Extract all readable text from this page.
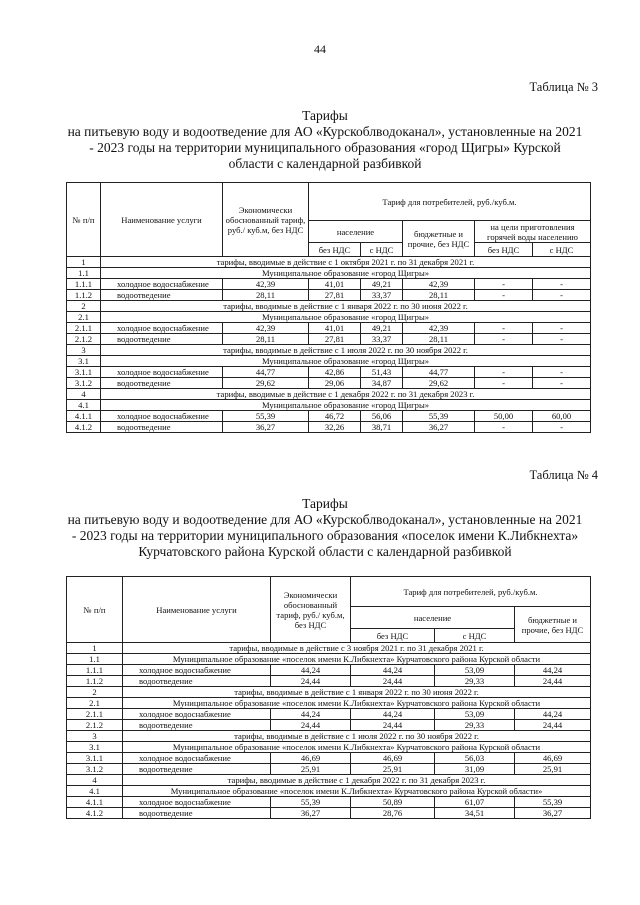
44
Таблица № 3
Тарифы
на питьевую воду и водоотведение для АО «Курскоблводоканал», установленные на 2021
- 2023 годы на территории муниципального образования «город Щигры» Курской
области с календарной разбивкой
№ п/п	Наименование услуги	Экономически обоснованный тариф, руб./ куб.м, без НДС	Тариф для потребителей, руб./куб.м.				
			население		бюджетные и прочие, без НДС	на цели приготовления горячей воды населению	
			без НДС	с НДС		без НДС	с НДС
1	тарифы, вводимые в действие с 1 октября 2021 г. по 31 декабря 2021 г.						
1.1	Муниципальное образование «город Щигры»						
1.1.1	холодное водоснабжение	42,39	41,01	49,21	42,39	-	-
1.1.2	водоотведение	28,11	27,81	33,37	28,11	-	-
2	тарифы, вводимые в действие с 1 января 2022 г. по 30 июня 2022 г.						
2.1	Муниципальное образование «город Щигры»						
2.1.1	холодное водоснабжение	42,39	41,01	49,21	42,39	-	-
2.1.2	водоотведение	28,11	27,81	33,37	28,11	-	-
3	тарифы, вводимые в действие с 1 июля 2022 г. по 30 ноября 2022 г.						
3.1	Муниципальное образование «город Щигры»						
3.1.1	холодное водоснабжение	44,77	42,86	51,43	44,77	-	-
3.1.2	водоотведение	29,62	29,06	34,87	29,62	-	-
4	тарифы, вводимые в действие с 1 декабря 2022 г. по 31 декабря 2023 г.						
4.1	Муниципальное образование «город Щигры»						
4.1.1	холодное водоснабжение	55,39	46,72	56,06	55,39	50,00	60,00
4.1.2	водоотведение	36,27	32,26	38,71	36,27	-	-
Таблица № 4
Тарифы
на питьевую воду и водоотведение для АО «Курскоблводоканал», установленные на 2021
- 2023 годы на территории муниципального образования «поселок имени К.Либкнехта»
Курчатовского района Курской области с календарной разбивкой
№ п/п	Наименование услуги	Экономически обоснованный тариф, руб./ куб.м, без НДС	Тариф для потребителей, руб./куб.м.		
			население		бюджетные и прочие, без НДС
			без НДС	с НДС	
1	тарифы, вводимые в действие с 3 ноября 2021 г. по 31 декабря 2021 г.				
1.1	Муниципальное образование «поселок имени К.Либкнехта» Курчатовского района Курской области				
1.1.1	холодное водоснабжение	44,24	44,24	53,09	44,24
1.1.2	водоотведение	24,44	24,44	29,33	24,44
2	тарифы, вводимые в действие с 1 января 2022 г. по 30 июня 2022 г.				
2.1	Муниципальное образование «поселок имени К.Либкнехта» Курчатовского района Курской области				
2.1.1	холодное водоснабжение	44,24	44,24	53,09	44,24
2.1.2	водоотведение	24,44	24,44	29,33	24,44
3	тарифы, вводимые в действие с 1 июля 2022 г. по 30 ноября 2022 г.				
3.1	Муниципальное образование «поселок имени К.Либкнехта» Курчатовского района Курской области				
3.1.1	холодное водоснабжение	46,69	46,69	56,03	46,69
3.1.2	водоотведение	25,91	25,91	31,09	25,91
4	тарифы, вводимые в действие с 1 декабря 2022 г. по 31 декабря 2023 г.				
4.1	Муниципальное образование «поселок имени К.Либкнехта» Курчатовского района Курской области»				
4.1.1	холодное водоснабжение	55,39	50,89	61,07	55,39
4.1.2	водоотведение	36,27	28,76	34,51	36,27
